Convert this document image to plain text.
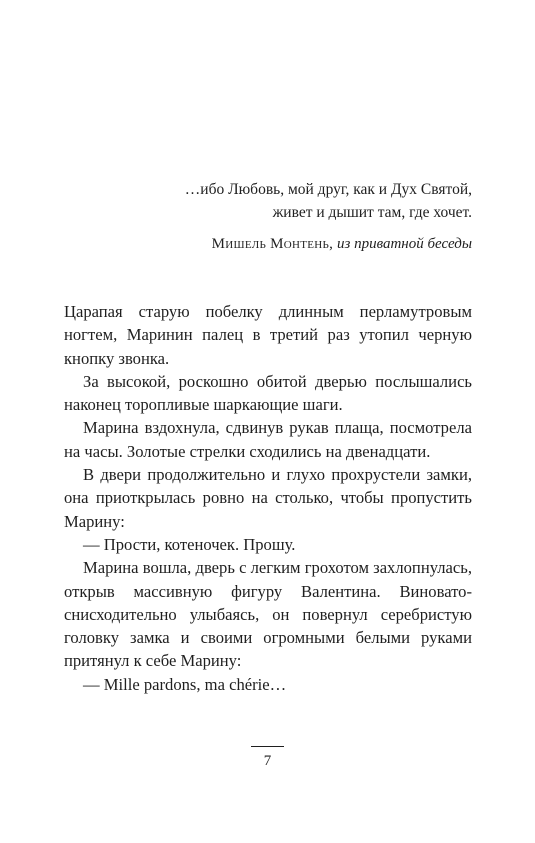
…ибо Любовь, мой друг, как и Дух Святой,
живет и дышит там, где хочет.
Мишель Монтень, из приватной беседы

Царапая старую побелку длинным перламутровым ногтем, Маринин палец в третий раз утопил черную кнопку звонка.

За высокой, роскошно обитой дверью послышались наконец торопливые шаркающие шаги.

Марина вздохнула, сдвинув рукав плаща, посмотрела на часы. Золотые стрелки сходились на двенадцати.

В двери продолжительно и глухо прохрустели замки, она приоткрылась ровно на столько, чтобы пропустить Марину:

— Прости, котеночек. Прошу.

Марина вошла, дверь с легким грохотом захлопнулась, открыв массивную фигуру Валентина. Виновато-снисходительно улыбаясь, он повернул серебристую головку замка и своими огромными белыми руками притянул к себе Марину:

— Mille pardons, ma chérie…

7
